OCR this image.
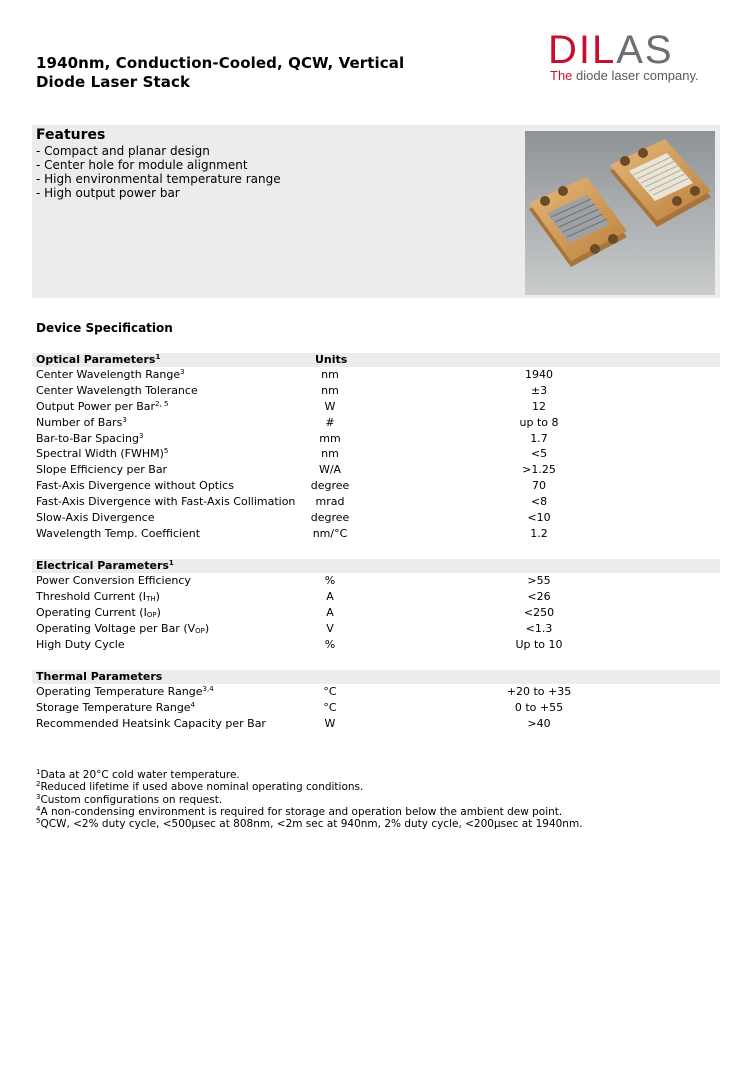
1940nm, Conduction-Cooled, QCW, Vertical
Diode Laser Stack
DILAS
The diode laser company.
Features
- Compact and planar design
- Center hole for module alignment
- High environmental temperature range
- High output power bar
Device Specification
Optical Parameters$^1$	Units
Center Wavelength Range$^3$	nm	1940
Center Wavelength Tolerance	nm	±3
Output Power per Bar$^{2, 5}$	W	12
Number of Bars$^3$	#	up to 8
Bar-to-Bar Spacing$^3$	mm	1.7
Spectral Width (FWHM)$^5$	nm	<5
Slope Efficiency per Bar	W/A	>1.25
Fast-Axis Divergence without Optics	degree	70
Fast-Axis Divergence with Fast-Axis Collimation	mrad	<8
Slow-Axis Divergence	degree	<10
Wavelength Temp. Coefficient	nm/°C	1.2
Electrical Parameters$^1$
Power Conversion Efficiency	%	>55
Threshold Current $(I_{TH})$	A	<26
Operating Current $(I_{OP})$	A	<250
Operating Voltage per Bar $(V_{OP})$	V	<1.3
High Duty Cycle	%	Up to 10
Thermal Parameters
Operating Temperature Range$^{3,4}$	°C	+20 to +35
Storage Temperature Range$^4$	°C	0 to +55
Recommended Heatsink Capacity per Bar	W	>40
$^1$Data at 20°C cold water temperature.
$^2$Reduced lifetime if used above nominal operating conditions.
$^3$Custom configurations on request.
$^4$A non-condensing environment is required for storage and operation below the ambient dew point.
$^5$QCW, <2% duty cycle, <500µsec at 808nm, <2m sec at 940nm, 2% duty cycle, <200µsec at 1940nm.
